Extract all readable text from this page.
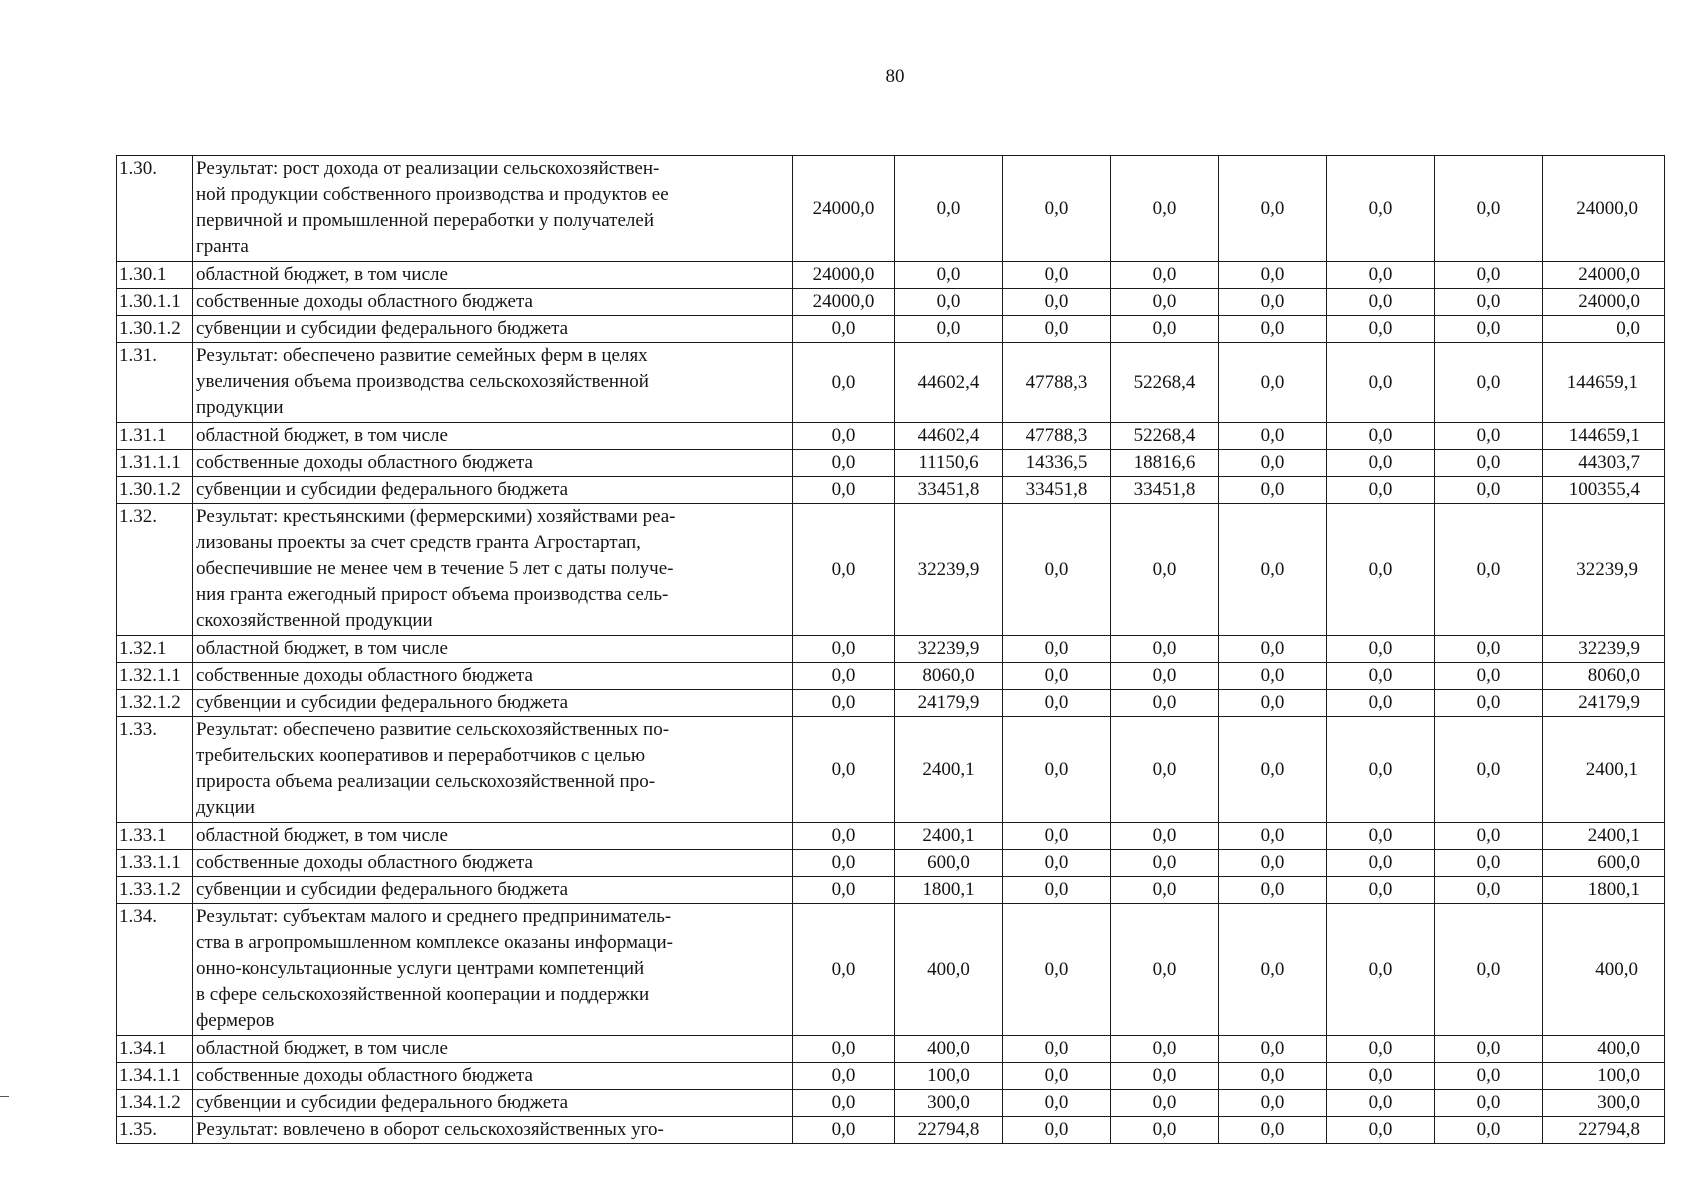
80
1.30.	Результат: рост дохода от реализации сельскохозяйствен-
ной продукции собственного производства и продуктов ее
первичной и промышленной переработки у получателей
гранта	24000,0	0,0	0,0	0,0	0,0	0,0	0,0	24000,0
1.30.1	областной бюджет, в том числе	24000,0	0,0	0,0	0,0	0,0	0,0	0,0	24000,0
1.30.1.1	собственные доходы областного бюджета	24000,0	0,0	0,0	0,0	0,0	0,0	0,0	24000,0
1.30.1.2	субвенции и субсидии федерального бюджета	0,0	0,0	0,0	0,0	0,0	0,0	0,0	0,0
1.31.	Результат: обеспечено развитие семейных ферм в целях
увеличения объема производства сельскохозяйственной
продукции	0,0	44602,4	47788,3	52268,4	0,0	0,0	0,0	144659,1
1.31.1	областной бюджет, в том числе	0,0	44602,4	47788,3	52268,4	0,0	0,0	0,0	144659,1
1.31.1.1	собственные доходы областного бюджета	0,0	11150,6	14336,5	18816,6	0,0	0,0	0,0	44303,7
1.30.1.2	субвенции и субсидии федерального бюджета	0,0	33451,8	33451,8	33451,8	0,0	0,0	0,0	100355,4
1.32.	Результат: крестьянскими (фермерскими) хозяйствами реа-
лизованы проекты за счет средств гранта Агростартап,
обеспечившие не менее чем в течение 5 лет с даты получе-
ния гранта ежегодный прирост объема производства сель-
скохозяйственной продукции	0,0	32239,9	0,0	0,0	0,0	0,0	0,0	32239,9
1.32.1	областной бюджет, в том числе	0,0	32239,9	0,0	0,0	0,0	0,0	0,0	32239,9
1.32.1.1	собственные доходы областного бюджета	0,0	8060,0	0,0	0,0	0,0	0,0	0,0	8060,0
1.32.1.2	субвенции и субсидии федерального бюджета	0,0	24179,9	0,0	0,0	0,0	0,0	0,0	24179,9
1.33.	Результат: обеспечено развитие сельскохозяйственных по-
требительских кооперативов и переработчиков с целью
прироста объема реализации сельскохозяйственной про-
дукции	0,0	2400,1	0,0	0,0	0,0	0,0	0,0	2400,1
1.33.1	областной бюджет, в том числе	0,0	2400,1	0,0	0,0	0,0	0,0	0,0	2400,1
1.33.1.1	собственные доходы областного бюджета	0,0	600,0	0,0	0,0	0,0	0,0	0,0	600,0
1.33.1.2	субвенции и субсидии федерального бюджета	0,0	1800,1	0,0	0,0	0,0	0,0	0,0	1800,1
1.34.	Результат: субъектам малого и среднего предприниматель-
ства в агропромышленном комплексе оказаны информаци-
онно-консультационные услуги центрами компетенций
в сфере сельскохозяйственной кооперации и поддержки
фермеров	0,0	400,0	0,0	0,0	0,0	0,0	0,0	400,0
1.34.1	областной бюджет, в том числе	0,0	400,0	0,0	0,0	0,0	0,0	0,0	400,0
1.34.1.1	собственные доходы областного бюджета	0,0	100,0	0,0	0,0	0,0	0,0	0,0	100,0
1.34.1.2	субвенции и субсидии федерального бюджета	0,0	300,0	0,0	0,0	0,0	0,0	0,0	300,0
1.35.	Результат: вовлечено в оборот сельскохозяйственных уго-	0,0	22794,8	0,0	0,0	0,0	0,0	0,0	22794,8
